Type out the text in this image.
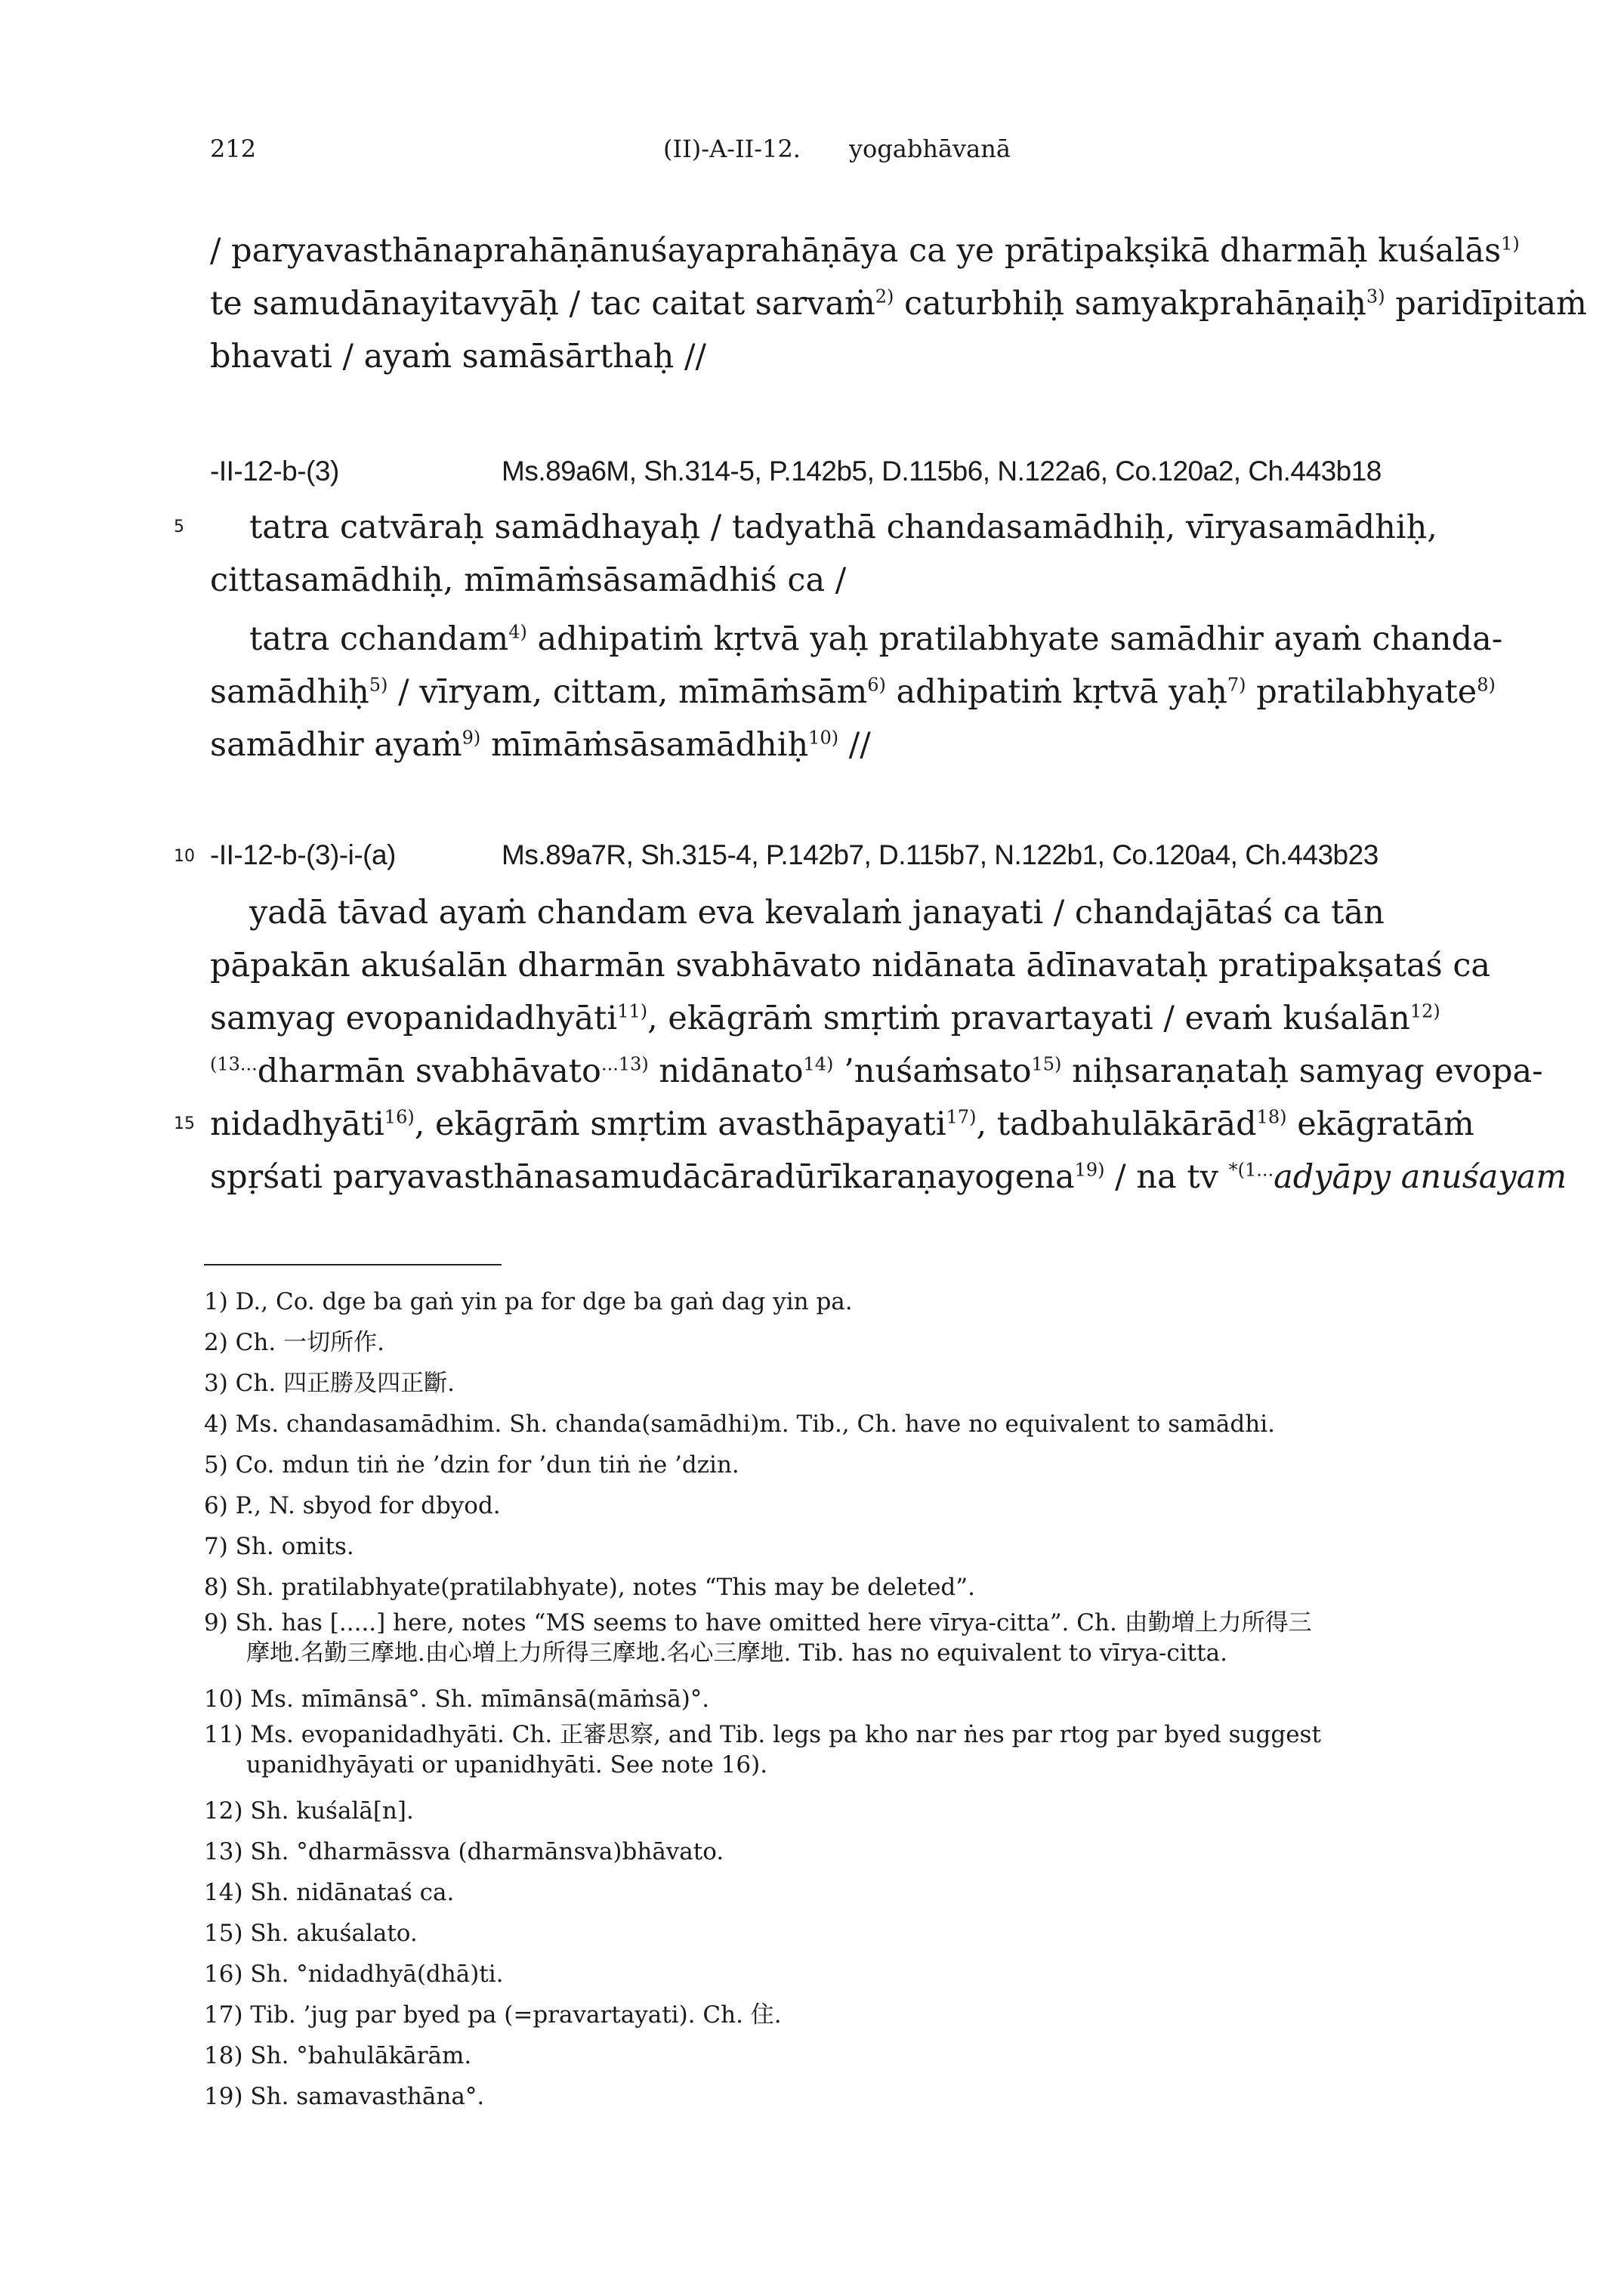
212	(II)-A-II-12.  yogabhāvanā
/ paryavasthānaprahāṇānuśayaprahāṇāya ca ye prātipakṣikā dharmāḥ kuśalās$^{1)}$
te samudānayitavyāḥ / tac caitat sarvaṁ$^{2)}$ caturbhiḥ samyakprahāṇaiḥ$^{3)}$ paridīpitaṁ
bhavati / ayaṁ samāsārthaḥ //
-II-12-b-(3)	Ms.89a6M, Sh.314-5, P.142b5, D.115b6, N.122a6, Co.120a2, Ch.443b18
5 tatra catvāraḥ samādhayaḥ / tadyathā chandasamādhiḥ, vīryasamādhiḥ,
cittasamādhiḥ, mīmāṁsāsamādhiś ca /
tatra cchandam$^{4)}$ adhipatiṁ kṛtvā yaḥ pratilabhyate samādhir ayaṁ chanda-
samādhiḥ$^{5)}$ / vīryam, cittam, mīmāṁsām$^{6)}$ adhipatiṁ kṛtvā yaḥ$^{7)}$ pratilabhyate$^{8)}$
samādhir ayaṁ$^{9)}$ mīmāṁsāsamādhiḥ$^{10)}$ //
10 -II-12-b-(3)-i-(a)	Ms.89a7R, Sh.315-4, P.142b7, D.115b7, N.122b1, Co.120a4, Ch.443b23
yadā tāvad ayaṁ chandam eva kevalaṁ janayati / chandajātaś ca tān
pāpakān akuśalān dharmān svabhāvato nidānata ādīnavataḥ pratipakṣataś ca
samyag evopanidadhyāti$^{11)}$, ekāgrāṁ smṛtiṁ pravartayati / evaṁ kuśalān$^{12)}$
$^{(13...}$dharmān svabhāvato$^{...13)}$ nidānato$^{14)}$ ’nuśaṁsato$^{15)}$ niḥsaraṇataḥ samyag evopa-
15 nidadhyāti$^{16)}$, ekāgrāṁ smṛtim avasthāpayati$^{17)}$, tadbahulākārād$^{18)}$ ekāgratāṁ
spṛśati paryavasthānasamudācāradūrīkaraṇayogena$^{19)}$ / na tv $^{*(1...}$adyāpy anuśayam
1) D., Co. dge ba gaṅ yin pa for dge ba gaṅ dag yin pa.
2) Ch. 一切所作.
3) Ch. 四正勝及四正斷.
4) Ms. chandasamādhim. Sh. chanda(samādhi)m. Tib., Ch. have no equivalent to samādhi.
5) Co. mdun tiṅ ṅe ’dzin for ’dun tiṅ ṅe ’dzin.
6) P., N. sbyod for dbyod.
7) Sh. omits.
8) Sh. pratilabhyate(pratilabhyate), notes “This may be deleted”.
9) Sh. has [.....] here, notes “MS seems to have omitted here vīrya-citta”. Ch. 由勤増上力所得三
摩地.名勤三摩地.由心増上力所得三摩地.名心三摩地. Tib. has no equivalent to vīrya-citta.
10) Ms. mīmānsā°. Sh. mīmānsā(māṁsā)°.
11) Ms. evopanidadhyāti. Ch. 正審思察, and Tib. legs pa kho nar ṅes par rtog par byed suggest
upanidhyāyati or upanidhyāti. See note 16).
12) Sh. kuśalā[n].
13) Sh. °dharmāssva (dharmānsva)bhāvato.
14) Sh. nidānataś ca.
15) Sh. akuśalato.
16) Sh. °nidadhyā(dhā)ti.
17) Tib. ’jug par byed pa (=pravartayati). Ch. 住.
18) Sh. °bahulākārām.
19) Sh. samavasthāna°.
